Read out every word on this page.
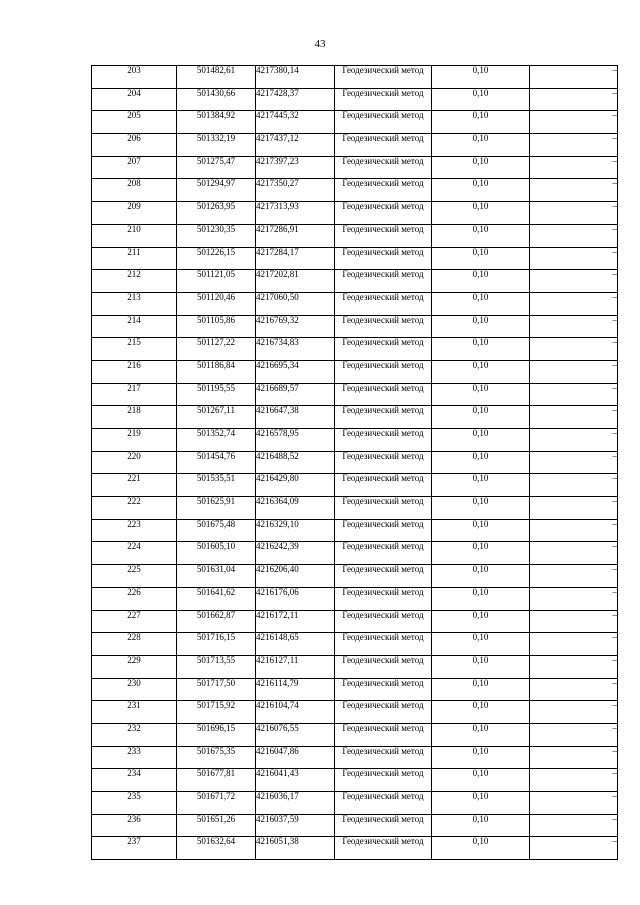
43
203	501482,61	4217380,14	Геодезический метод	0,10	–
204	501430,66	4217428,37	Геодезический метод	0,10	–
205	501384,92	4217445,32	Геодезический метод	0,10	–
206	501332,19	4217437,12	Геодезический метод	0,10	–
207	501275,47	4217397,23	Геодезический метод	0,10	–
208	501294,97	4217350,27	Геодезический метод	0,10	–
209	501263,95	4217313,93	Геодезический метод	0,10	–
210	501230,35	4217286,91	Геодезический метод	0,10	–
211	501226,15	4217284,17	Геодезический метод	0,10	–
212	501121,05	4217202,81	Геодезический метод	0,10	–
213	501120,46	4217060,50	Геодезический метод	0,10	–
214	501105,86	4216769,32	Геодезический метод	0,10	–
215	501127,22	4216734,83	Геодезический метод	0,10	–
216	501186,84	4216695,34	Геодезический метод	0,10	–
217	501195,55	4216689,57	Геодезический метод	0,10	–
218	501267,11	4216647,38	Геодезический метод	0,10	–
219	501352,74	4216578,95	Геодезический метод	0,10	–
220	501454,76	4216488,52	Геодезический метод	0,10	–
221	501535,51	4216429,80	Геодезический метод	0,10	–
222	501625,91	4216364,09	Геодезический метод	0,10	–
223	501675,48	4216329,10	Геодезический метод	0,10	–
224	501605,10	4216242,39	Геодезический метод	0,10	–
225	501631,04	4216206,40	Геодезический метод	0,10	–
226	501641,62	4216176,06	Геодезический метод	0,10	–
227	501662,87	4216172,11	Геодезический метод	0,10	–
228	501716,15	4216148,65	Геодезический метод	0,10	–
229	501713,55	4216127,11	Геодезический метод	0,10	–
230	501717,50	4216114,79	Геодезический метод	0,10	–
231	501715,92	4216104,74	Геодезический метод	0,10	–
232	501696,15	4216076,55	Геодезический метод	0,10	–
233	501675,35	4216047,86	Геодезический метод	0,10	–
234	501677,81	4216041,43	Геодезический метод	0,10	–
235	501671,72	4216036,17	Геодезический метод	0,10	–
236	501651,26	4216037,59	Геодезический метод	0,10	–
237	501632,64	4216051,38	Геодезический метод	0,10	–
